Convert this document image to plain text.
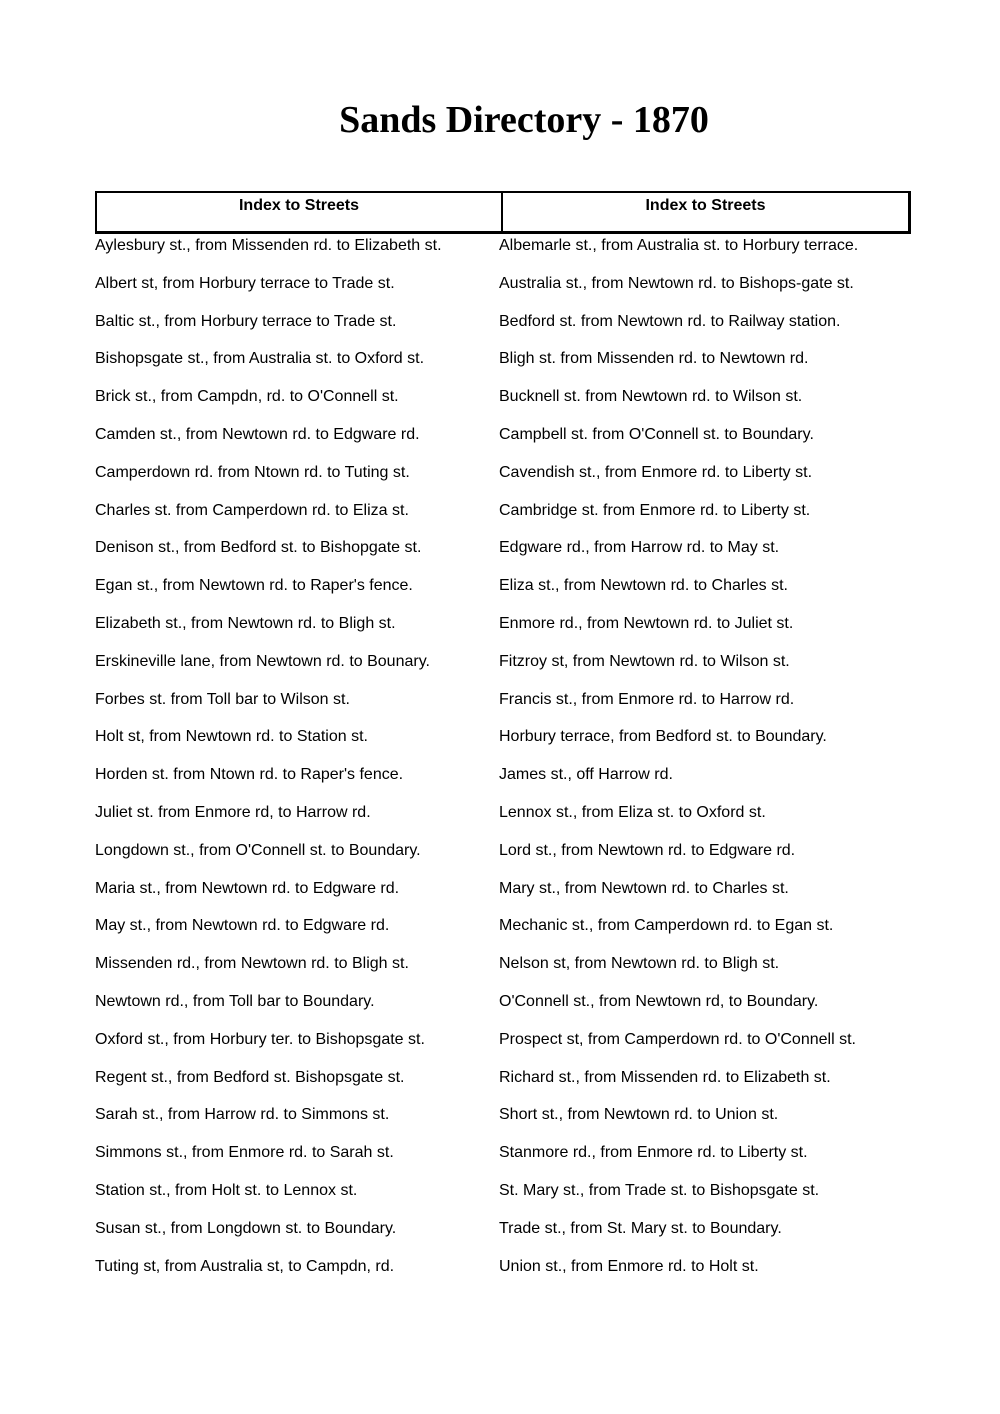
Sands Directory - 1870
Index to Streets	Index to Streets
Aylesbury st., from Missenden rd. to Elizabeth st.
Albert st, from Horbury terrace to Trade st.
Baltic st., from Horbury terrace to Trade st.
Bishopsgate st., from Australia st. to Oxford st.
Brick st., from Campdn, rd. to O'Connell st.
Camden st., from Newtown rd. to Edgware rd.
Camperdown rd. from Ntown rd. to Tuting st.
Charles st. from Camperdown rd. to Eliza st.
Denison st., from Bedford st. to Bishopgate st.
Egan st., from Newtown rd. to Raper's fence.
Elizabeth st., from Newtown rd. to Bligh st.
Erskineville lane, from Newtown rd. to Bounary.
Forbes st. from Toll bar to Wilson st.
Holt st, from Newtown rd. to Station st.
Horden st. from Ntown rd. to Raper's fence.
Juliet st. from Enmore rd, to Harrow rd.
Longdown st., from O'Connell st. to Boundary.
Maria st., from Newtown rd. to Edgware rd.
May st., from Newtown rd. to Edgware rd.
Missenden rd., from Newtown rd. to Bligh st.
Newtown rd., from Toll bar to Boundary.
Oxford st., from Horbury ter. to Bishopsgate st.
Regent st., from Bedford st. Bishopsgate st.
Sarah st., from Harrow rd. to Simmons st.
Simmons st., from Enmore rd. to Sarah st.
Station st., from Holt st. to Lennox st.
Susan st., from Longdown st. to Boundary.
Tuting st, from Australia st, to Campdn, rd.
Albemarle st., from Australia st. to Horbury terrace.
Australia st., from Newtown rd. to Bishops-gate st.
Bedford st. from Newtown rd. to Railway station.
Bligh st. from Missenden rd. to Newtown rd.
Bucknell st. from Newtown rd. to Wilson st.
Campbell st. from O'Connell st. to Boundary.
Cavendish st., from Enmore rd. to Liberty st.
Cambridge st. from Enmore rd. to Liberty st.
Edgware rd., from Harrow rd. to May st.
Eliza st., from Newtown rd. to Charles st.
Enmore rd., from Newtown rd. to Juliet st.
Fitzroy st, from Newtown rd. to Wilson st.
Francis st., from Enmore rd. to Harrow rd.
Horbury terrace, from Bedford st. to Boundary.
James st., off Harrow rd.
Lennox st., from Eliza st. to Oxford st.
Lord st., from Newtown rd. to Edgware rd.
Mary st., from Newtown rd. to Charles st.
Mechanic st., from Camperdown rd. to Egan st.
Nelson st, from Newtown rd. to Bligh st.
O'Connell st., from Newtown rd, to Boundary.
Prospect st, from Camperdown rd. to O'Connell st.
Richard st., from Missenden rd. to Elizabeth st.
Short st., from Newtown rd. to Union st.
Stanmore rd., from Enmore rd. to Liberty st.
St. Mary st., from Trade st. to Bishopsgate st.
Trade st., from St. Mary st. to Boundary.
Union st., from Enmore rd. to Holt st.
